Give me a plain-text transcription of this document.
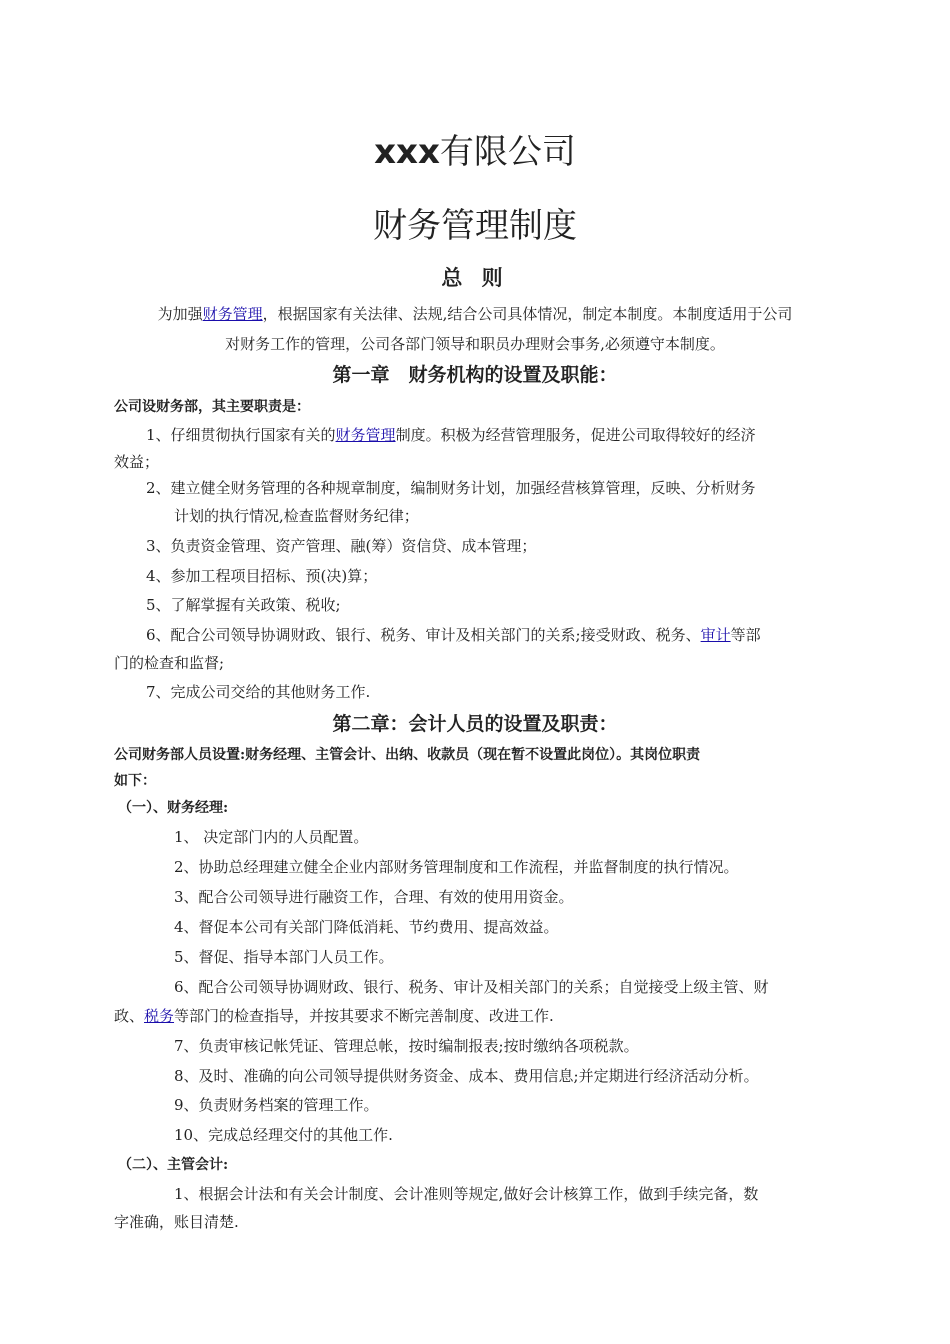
xxx有限公司
财务管理制度
总 则
为加强财务管理，根据国家有关法律、法规,结合公司具体情况，制定本制度。本制度适用于公司
对财务工作的管理，公司各部门领导和职员办理财会事务,必须遵守本制度。
第一章　财务机构的设置及职能：
公司设财务部，其主要职责是：
1、仔细贯彻执行国家有关的财务管理制度。积极为经营管理服务，促进公司取得较好的经济
效益；
2、建立健全财务管理的各种规章制度，编制财务计划，加强经营核算管理，反映、分析财务
计划的执行情况,检查监督财务纪律；
3、负责资金管理、资产管理、融(筹）资信贷、成本管理；
4、参加工程项目招标、预(决)算；
5、了解掌握有关政策、税收;
6、配合公司领导协调财政、银行、税务、审计及相关部门的关系;接受财政、税务、审计等部
门的检查和监督;
7、完成公司交给的其他财务工作.
第二章：会计人员的设置及职责：
公司财务部人员设置:财务经理、主管会计、出纳、收款员（现在暂不设置此岗位）。其岗位职责
如下：
（一）、财务经理:
1、 决定部门内的人员配置。
2、协助总经理建立健全企业内部财务管理制度和工作流程，并监督制度的执行情况。
3、配合公司领导进行融资工作，合理、有效的使用用资金。
4、督促本公司有关部门降低消耗、节约费用、提高效益。
5、督促、指导本部门人员工作。
6、配合公司领导协调财政、银行、税务、审计及相关部门的关系；自觉接受上级主管、财
政、税务等部门的检查指导，并按其要求不断完善制度、改进工作.
7、负责审核记帐凭证、管理总帐，按时编制报表;按时缴纳各项税款。
8、及时、准确的向公司领导提供财务资金、成本、费用信息;并定期进行经济活动分析。
9、负责财务档案的管理工作。
10、完成总经理交付的其他工作.
（二）、主管会计:
1、根据会计法和有关会计制度、会计准则等规定,做好会计核算工作，做到手续完备，数
字准确，账目清楚.
